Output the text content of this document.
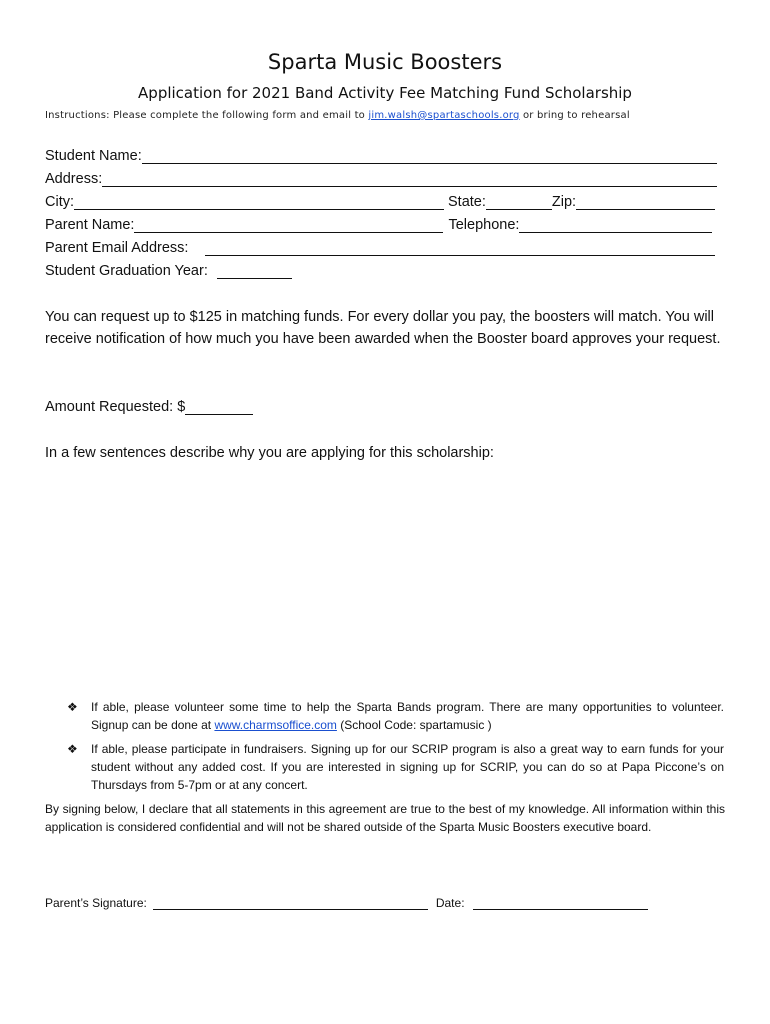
Sparta Music Boosters
Application for 2021 Band Activity Fee Matching Fund Scholarship
Instructions: Please complete the following form and email to jim.walsh@spartaschools.org or bring to rehearsal
Student Name:
Address:
City:	State:	Zip:
Parent Name:	Telephone:
Parent Email Address:
Student Graduation Year:
You can request up to $125 in matching funds. For every dollar you pay, the boosters will match. You will receive notification of how much you have been awarded when the Booster board approves your request.
Amount Requested: $
In a few sentences describe why you are applying for this scholarship:
❖ If able, please volunteer some time to help the Sparta Bands program. There are many opportunities to volunteer. Signup can be done at www.charmsoffice.com (School Code: spartamusic )
❖ If able, please participate in fundraisers. Signing up for our SCRIP program is also a great way to earn funds for your student without any added cost. If you are interested in signing up for SCRIP, you can do so at Papa Piccone’s on Thursdays from 5-7pm or at any concert.
By signing below, I declare that all statements in this agreement are true to the best of my knowledge. All information within this application is considered confidential and will not be shared outside of the Sparta Music Boosters executive board.
Parent’s Signature:	Date:
